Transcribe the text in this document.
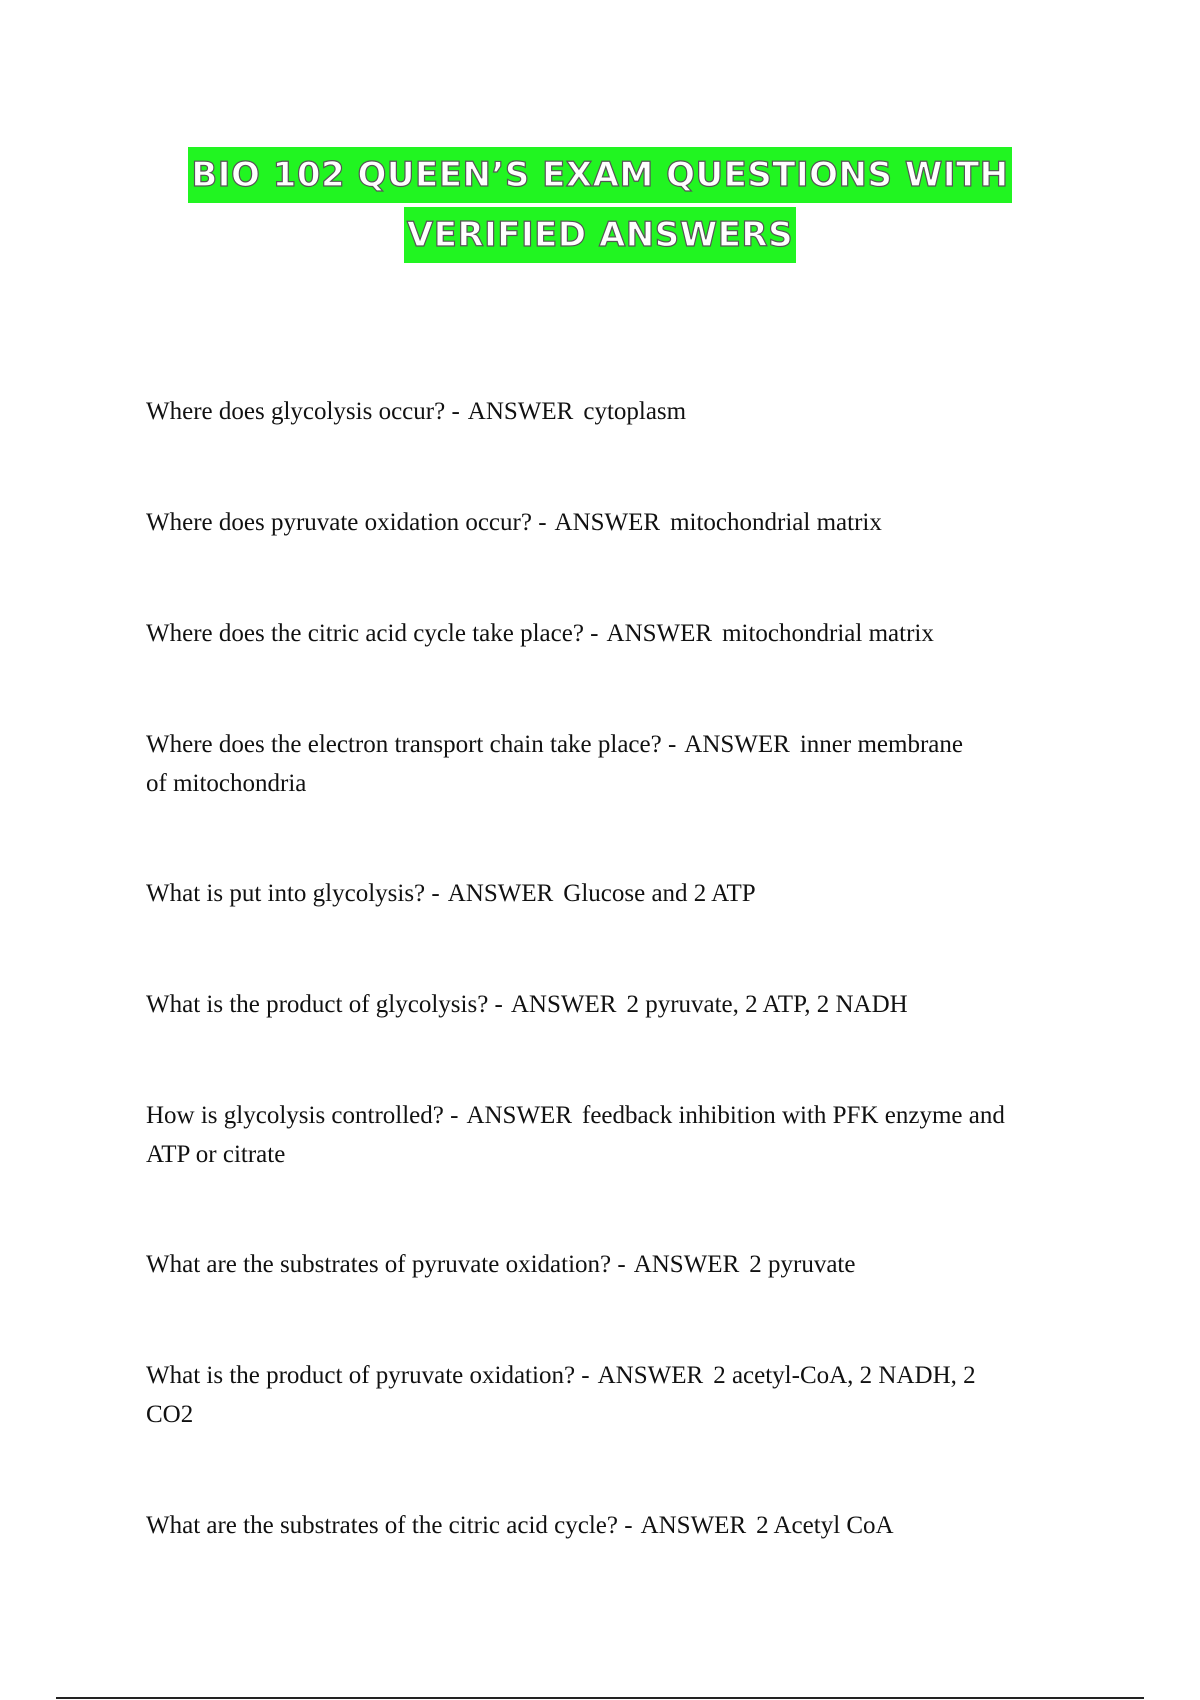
BIO 102 QUEEN’S EXAM QUESTIONS WITH
VERIFIED ANSWERS

Where does glycolysis occur? - ANSWER cytoplasm

Where does pyruvate oxidation occur? - ANSWER mitochondrial matrix

Where does the citric acid cycle take place? - ANSWER mitochondrial matrix

Where does the electron transport chain take place? - ANSWER inner membrane of mitochondria

What is put into glycolysis? - ANSWER Glucose and 2 ATP

What is the product of glycolysis? - ANSWER 2 pyruvate, 2 ATP, 2 NADH

How is glycolysis controlled? - ANSWER feedback inhibition with PFK enzyme and ATP or citrate

What are the substrates of pyruvate oxidation? - ANSWER 2 pyruvate

What is the product of pyruvate oxidation? - ANSWER 2 acetyl-CoA, 2 NADH, 2 CO2

What are the substrates of the citric acid cycle? - ANSWER 2 Acetyl CoA
